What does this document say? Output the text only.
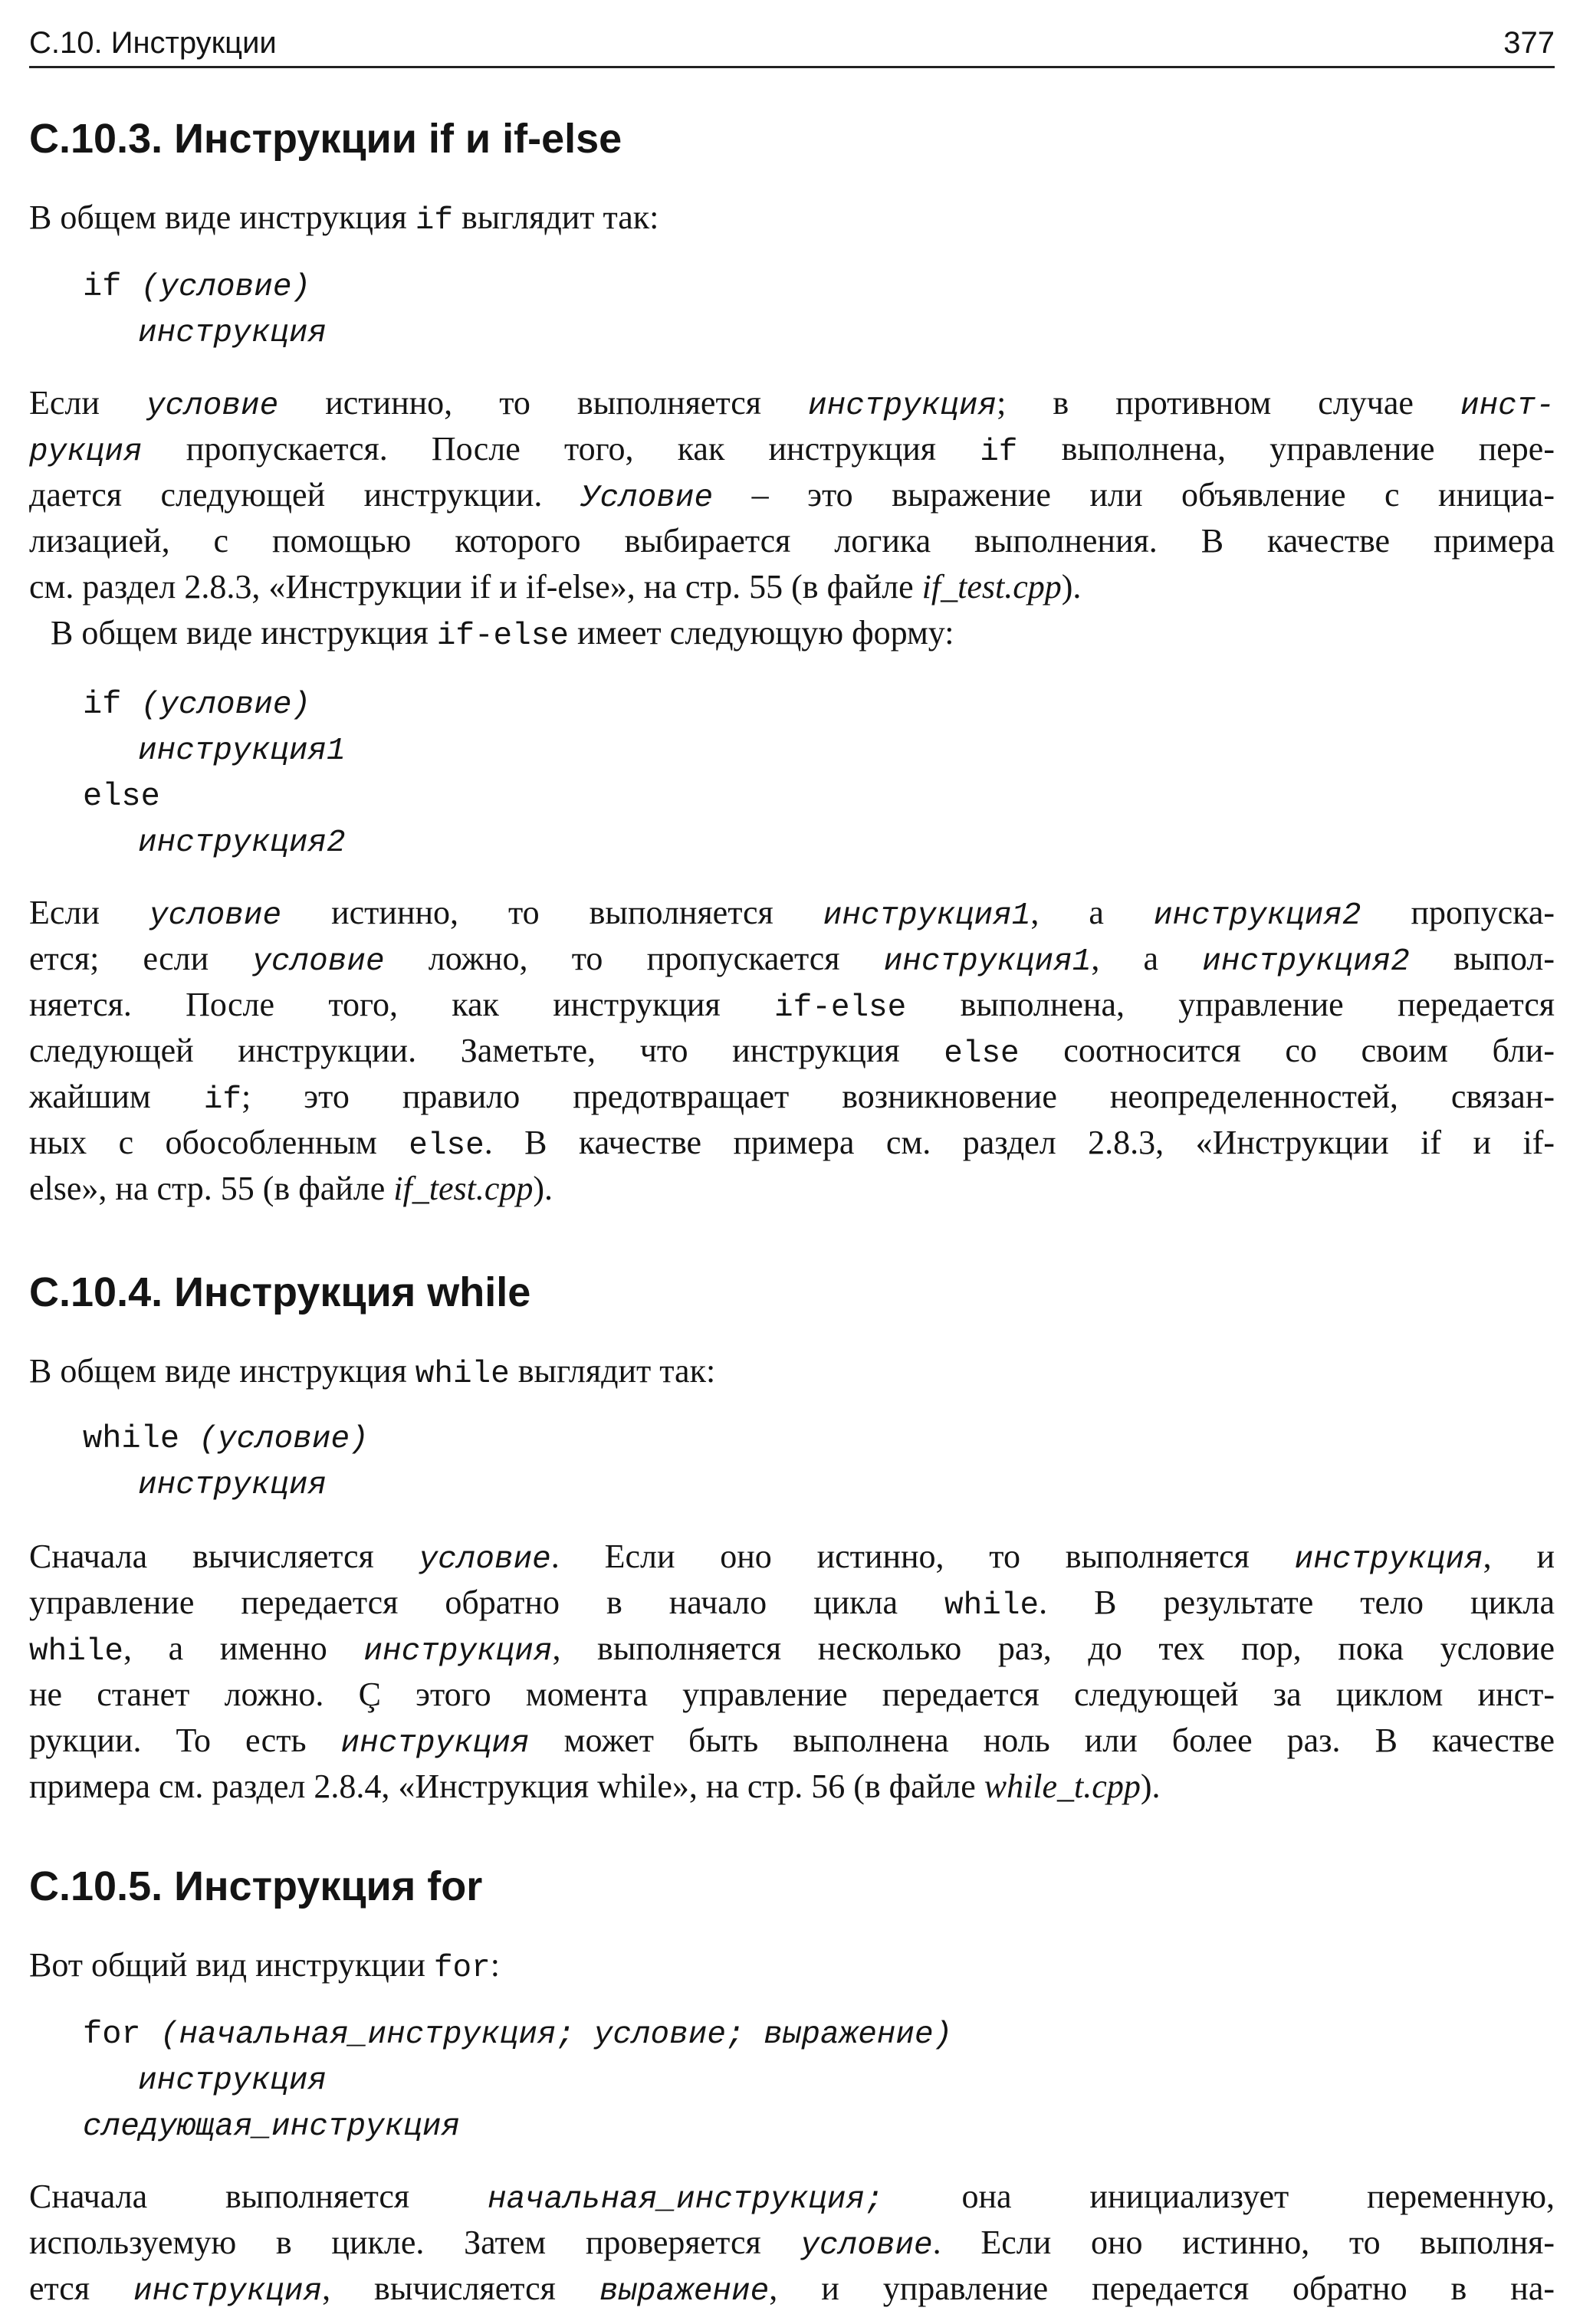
С.10. Инструкции	377
С.10.3. Инструкции if и if-else
В общем виде инструкция if выглядит так:
if (условие)
инструкция
Если условие истинно, то выполняется инструкция; в противном случае инст-
рукция пропускается. После того, как инструкция if выполнена, управление пере-
дается следующей инструкции. Условие – это выражение или объявление с инициа-
лизацией, с помощью которого выбирается логика выполнения. В качестве примера
см. раздел 2.8.3, «Инструкции if и if-else», на стр. 55 (в файле if_test.cpp).
В общем виде инструкция if-else имеет следующую форму:
if (условие)
инструкция1
else
инструкция2
Если условие истинно, то выполняется инструкция1, а инструкция2 пропуска-
ется; если условие ложно, то пропускается инструкция1, а инструкция2 выпол-
няется. После того, как инструкция if-else выполнена, управление передается
следующей инструкции. Заметьте, что инструкция else соотносится со своим бли-
жайшим if; это правило предотвращает возникновение неопределенностей, связан-
ных с обособленным else. В качестве примера см. раздел 2.8.3, «Инструкции if и if-
else», на стр. 55 (в файле if_test.cpp).
С.10.4. Инструкция while
В общем виде инструкция while выглядит так:
while (условие)
инструкция
Сначала вычисляется условие. Если оно истинно, то выполняется инструкция, и
управление передается обратно в начало цикла while. В результате тело цикла
while, а именно инструкция, выполняется несколько раз, до тех пор, пока условие
не станет ложно. Ç этого момента управление передается следующей за циклом инст-
рукции. То есть инструкция может быть выполнена ноль или более раз. В качестве
примера см. раздел 2.8.4, «Инструкция while», на стр. 56 (в файле while_t.cpp).
С.10.5. Инструкция for
Вот общий вид инструкции for:
for (начальная_инструкция; условие; выражение)
инструкция
следующая_инструкция
Сначала выполняется начальная_инструкция; она инициализует переменную,
используемую в цикле. Затем проверяется условие. Если оно истинно, то выполня-
ется инструкция, вычисляется выражение, и управление передается обратно в на-
